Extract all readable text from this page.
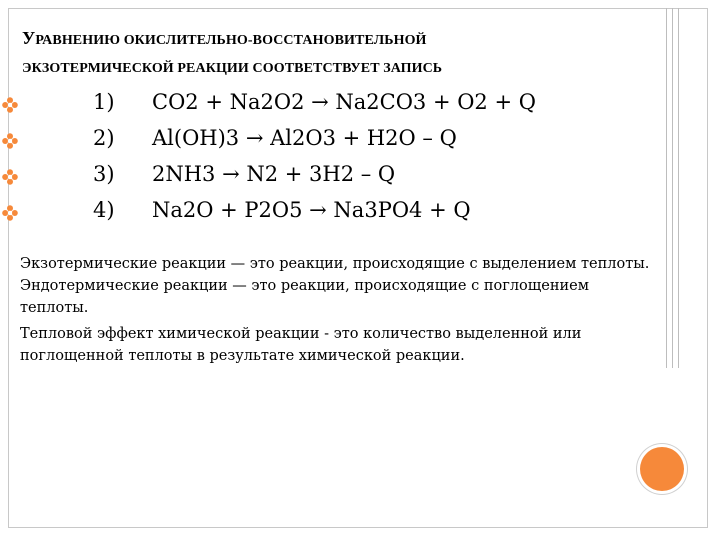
УРАВНЕНИЮ ОКИСЛИТЕЛЬНО-ВОССТАНОВИТЕЛЬНОЙ
ЭКЗОТЕРМИЧЕСКОЙ РЕАКЦИИ СООТВЕТСТВУЕТ ЗАПИСЬ
1) CO2 + Na2O2 → Na2CO3 + O2 + Q
2) Al(OH)3 → Al2O3 + H2O – Q
3) 2NH3 → N2 + 3H2 – Q
4) Na2O + P2O5 → Na3PO4 + Q
Экзотермические реакции — это реакции, происходящие с выделением теплоты. Эндотермические реакции — это реакции, происходящие с поглощением теплоты.
Тепловой эффект химической реакции - это количество выделенной или поглощенной теплоты в результате химической реакции.
